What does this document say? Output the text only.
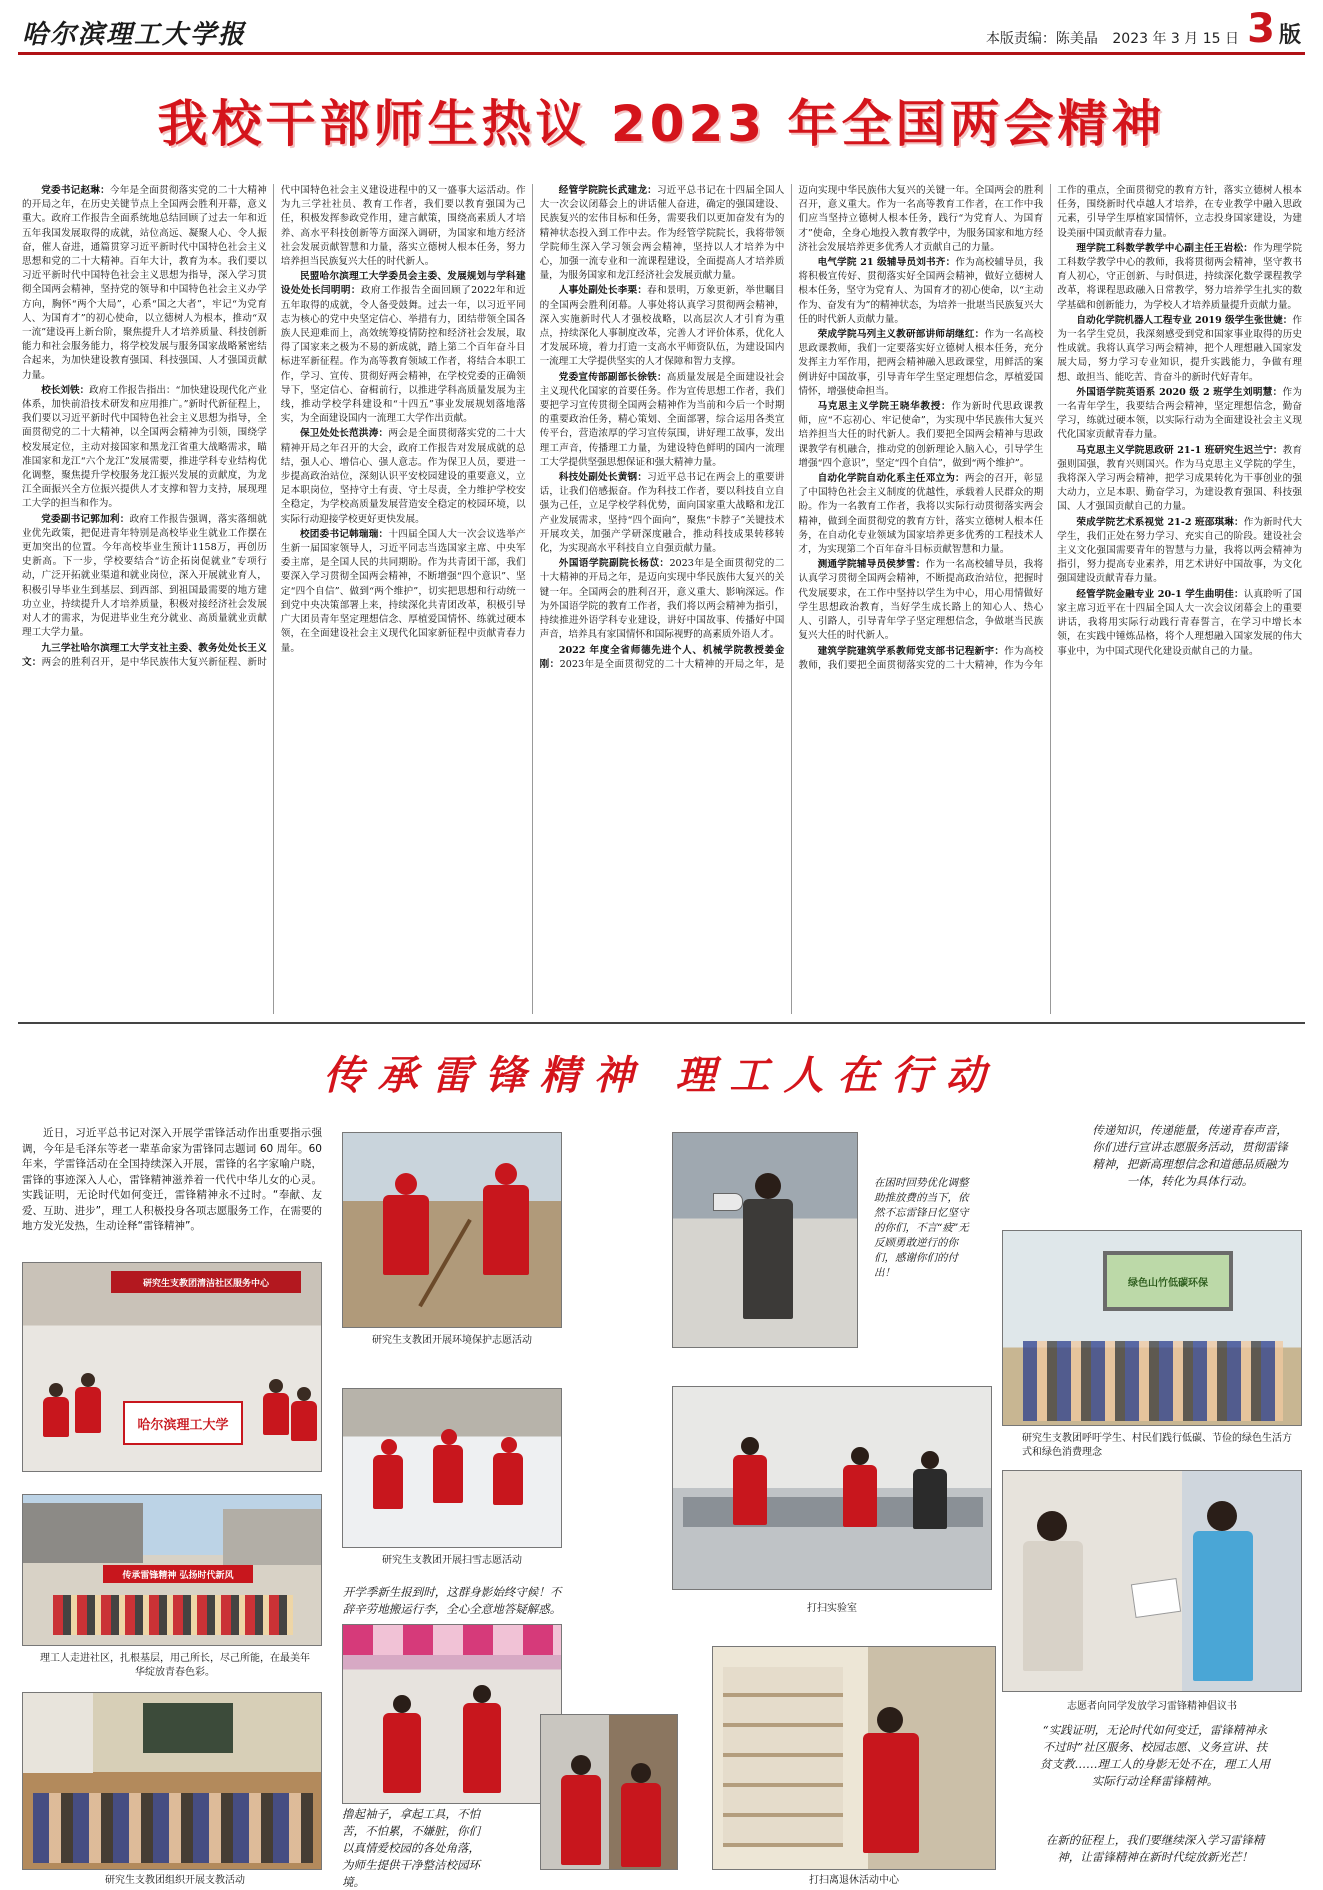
哈尔滨理工大学报	本版责编：陈美晶 2023 年 3 月 15 日 3 版
我校干部师生热议 2023 年全国两会精神

党委书记赵琳：今年是全面贯彻落实党的二十大精神的开局之年，在历史关键节点上全国两会胜利开幕，意义重大。政府工作报告全面系统地总结回顾了过去一年和近五年我国发展取得的成就，站位高远、凝聚人心、令人振奋，催人奋进，通篇贯穿习近平新时代中国特色社会主义思想和党的二十大精神。百年大计，教育为本。我们要以习近平新时代中国特色社会主义思想为指导，深入学习贯彻全国两会精神，坚持党的领导和中国特色社会主义办学方向，胸怀“两个大局”，心系“国之大者”，牢记“为党育人、为国育才”的初心使命，以立德树人为根本，推动“双一流”建设再上新台阶，聚焦提升人才培养质量、科技创新能力和社会服务能力，将学校发展与服务国家战略紧密结合起来，为加快建设教育强国、科技强国、人才强国贡献力量。

校长刘铁：政府工作报告指出：“加快建设现代化产业体系，加快前沿技术研发和应用推广。”新时代新征程上，我们要以习近平新时代中国特色社会主义思想为指导，全面贯彻党的二十大精神，以全国两会精神为引领，围绕学校发展定位，主动对接国家和黑龙江省重大战略需求，瞄准国家和龙江“六个龙江”发展需要，推进学科专业结构优化调整，聚焦提升学校服务龙江振兴发展的贡献度，为龙江全面振兴全方位振兴提供人才支撑和智力支持，展现理工大学的担当和作为。

党委副书记郭加利：政府工作报告强调，落实落细就业优先政策，把促进青年特别是高校毕业生就业工作摆在更加突出的位置。今年高校毕业生预计1158万，再创历史新高。下一步，学校要结合“访企拓岗促就业”专项行动，广泛开拓就业渠道和就业岗位，深入开展就业育人，积极引导毕业生到基层、到西部、到祖国最需要的地方建功立业，持续提升人才培养质量，积极对接经济社会发展对人才的需求，为促进毕业生充分就业、高质量就业贡献理工大学力量。

九三学社哈尔滨理工大学支社主委、教务处处长王义文：两会的胜利召开，是中华民族伟大复兴新征程、新时代中国特色社会主义建设进程中的又一盛事大运活动。作为九三学社社员、教育工作者，我们要以教育强国为己任，积极发挥参政党作用，建言献策，围绕高素质人才培养、高水平科技创新等方面深入调研，为国家和地方经济社会发展贡献智慧和力量，落实立德树人根本任务，努力培养担当民族复兴大任的时代新人。

民盟哈尔滨理工大学委员会主委、发展规划与学科建设处处长闫明明：政府工作报告全面回顾了2022年和近五年取得的成就，令人备受鼓舞。过去一年，以习近平同志为核心的党中央坚定信心、举措有力，团结带领全国各族人民迎难而上，高效统筹疫情防控和经济社会发展，取得了国家来之极为不易的新成就，踏上第二个百年奋斗目标进军新征程。作为高等教育领域工作者，将结合本职工作，学习、宣传、贯彻好两会精神，在学校党委的正确领导下，坚定信心、奋楫前行，以推进学科高质量发展为主线，推动学校学科建设和“十四五”事业发展规划落地落实，为全面建设国内一流理工大学作出贡献。

保卫处处长范洪涛：两会是全面贯彻落实党的二十大精神开局之年召开的大会，政府工作报告对发展成就的总结，强人心、增信心、强人意志。作为保卫人员，要进一步提高政治站位，深刻认识平安校园建设的重要意义，立足本职岗位，坚持守土有责、守土尽责，全力维护学校安全稳定，为学校高质量发展营造安全稳定的校园环境，以实际行动迎接学校更好更快发展。

校团委书记韩瑞瑞：十四届全国人大一次会议选举产生新一届国家领导人，习近平同志当选国家主席、中央军委主席，是全国人民的共同期盼。作为共青团干部，我们要深入学习贯彻全国两会精神，不断增强“四个意识”、坚定“四个自信”、做到“两个维护”，切实把思想和行动统一到党中央决策部署上来，持续深化共青团改革，积极引导广大团员青年坚定理想信念、厚植爱国情怀、练就过硬本领，在全面建设社会主义现代化国家新征程中贡献青春力量。

经管学院院长武建龙：习近平总书记在十四届全国人大一次会议闭幕会上的讲话催人奋进，确定的强国建设、民族复兴的宏伟目标和任务，需要我们以更加奋发有为的精神状态投入到工作中去。作为经管学院院长，我将带领学院师生深入学习领会两会精神，坚持以人才培养为中心，加强一流专业和一流课程建设，全面提高人才培养质量，为服务国家和龙江经济社会发展贡献力量。

人事处副处长李栗：春和景明，万象更新，举世瞩目的全国两会胜利闭幕。人事处将认真学习贯彻两会精神，深入实施新时代人才强校战略，以高层次人才引育为重点，持续深化人事制度改革，完善人才评价体系，优化人才发展环境，着力打造一支高水平师资队伍，为建设国内一流理工大学提供坚实的人才保障和智力支撑。

党委宣传部副部长徐铁：高质量发展是全面建设社会主义现代化国家的首要任务。作为宣传思想工作者，我们要把学习宣传贯彻全国两会精神作为当前和今后一个时期的重要政治任务，精心策划、全面部署，综合运用各类宣传平台，营造浓厚的学习宣传氛围，讲好理工故事，发出理工声音，传播理工力量，为建设特色鲜明的国内一流理工大学提供坚强思想保证和强大精神力量。

科技处副处长黄钢：习近平总书记在两会上的重要讲话，让我们倍感振奋。作为科技工作者，要以科技自立自强为己任，立足学校学科优势，面向国家重大战略和龙江产业发展需求，坚持“四个面向”，聚焦“卡脖子”关键技术开展攻关，加强产学研深度融合，推动科技成果转移转化，为实现高水平科技自立自强贡献力量。

外国语学院副院长杨苡：2023年是全面贯彻党的二十大精神的开局之年，是迈向实现中华民族伟大复兴的关键一年。全国两会的胜利召开，意义重大、影响深远。作为外国语学院的教育工作者，我们将以两会精神为指引，持续推进外语学科专业建设，讲好中国故事、传播好中国声音，培养具有家国情怀和国际视野的高素质外语人才。

2022 年度全省师德先进个人、机械学院教授姜金刚：2023年是全面贯彻党的二十大精神的开局之年，是迈向实现中华民族伟大复兴的关键一年。全国两会的胜利召开，意义重大。作为一名高等教育工作者，在工作中我们应当坚持立德树人根本任务，践行“为党育人、为国育才”使命，全身心地投入教育教学中，为服务国家和地方经济社会发展培养更多优秀人才贡献自己的力量。

电气学院 21 级辅导员刘书齐：作为高校辅导员，我将积极宣传好、贯彻落实好全国两会精神，做好立德树人根本任务，坚守为党育人、为国育才的初心使命，以“主动作为、奋发有为”的精神状态，为培养一批堪当民族复兴大任的时代新人贡献力量。

荣成学院马列主义教研部讲师胡继红：作为一名高校思政课教师，我们一定要落实好立德树人根本任务，充分发挥主力军作用，把两会精神融入思政课堂，用鲜活的案例讲好中国故事，引导青年学生坚定理想信念，厚植爱国情怀，增强使命担当。

马克思主义学院王晓华教授：作为新时代思政课教师，应“不忘初心、牢记使命”，为实现中华民族伟大复兴培养担当大任的时代新人。我们要把全国两会精神与思政课教学有机融合，推动党的创新理论入脑入心，引导学生增强“四个意识”，坚定“四个自信”，做到“两个维护”。

自动化学院自动化系主任邓立为：两会的召开，彰显了中国特色社会主义制度的优越性，承载着人民群众的期盼。作为一名教育工作者，我将以实际行动贯彻落实两会精神，做到全面贯彻党的教育方针，落实立德树人根本任务，在自动化专业领域为国家培养更多优秀的工程技术人才，为实现第二个百年奋斗目标贡献智慧和力量。

测通学院辅导员侯梦雪：作为一名高校辅导员，我将认真学习贯彻全国两会精神，不断提高政治站位，把握时代发展要求，在工作中坚持以学生为中心，用心用情做好学生思想政治教育，当好学生成长路上的知心人、热心人、引路人，引导青年学子坚定理想信念，争做堪当民族复兴大任的时代新人。

建筑学院建筑学系教师党支部书记程新宇：作为高校教师，我们要把全面贯彻落实党的二十大精神，作为今年工作的重点，全面贯彻党的教育方针，落实立德树人根本任务，围绕新时代卓越人才培养，在专业教学中融入思政元素，引导学生厚植家国情怀，立志投身国家建设，为建设美丽中国贡献青春力量。

理学院工科数学教学中心副主任王岩松：作为理学院工科数学教学中心的教师，我将贯彻两会精神，坚守教书育人初心，守正创新、与时俱进，持续深化数学课程教学改革，将课程思政融入日常教学，努力培养学生扎实的数学基础和创新能力，为学校人才培养质量提升贡献力量。

自动化学院机器人工程专业 2019 级学生张世婕：作为一名学生党员，我深刻感受到党和国家事业取得的历史性成就。我将认真学习两会精神，把个人理想融入国家发展大局，努力学习专业知识，提升实践能力，争做有理想、敢担当、能吃苦、肯奋斗的新时代好青年。

外国语学院英语系 2020 级 2 班学生刘明慧：作为一名青年学生，我要结合两会精神，坚定理想信念，勤奋学习，练就过硬本领，以实际行动为全面建设社会主义现代化国家贡献青春力量。

马克思主义学院思政研 21-1 班研究生迟兰宁：教育强则国强，教育兴则国兴。作为马克思主义学院的学生，我将深入学习两会精神，把学习成果转化为干事创业的强大动力，立足本职、勤奋学习，为建设教育强国、科技强国、人才强国贡献自己的力量。

荣成学院艺术系视觉 21-2 班邵琪琳：作为新时代大学生，我们正处在努力学习、充实自己的阶段。建设社会主义文化强国需要青年的智慧与力量，我将以两会精神为指引，努力提高专业素养，用艺术讲好中国故事，为文化强国建设贡献青春力量。

经管学院金融专业 20-1 学生曲明佳：认真聆听了国家主席习近平在十四届全国人大一次会议闭幕会上的重要讲话，我将用实际行动践行青春誓言，在学习中增长本领，在实践中锤炼品格，将个人理想融入国家发展的伟大事业中，为中国式现代化建设贡献自己的力量。

传承雷锋精神 理工人在行动

近日，习近平总书记对深入开展学雷锋活动作出重要指示强调，今年是毛泽东等老一辈革命家为雷锋同志题词 60 周年。60 年来，学雷锋活动在全国持续深入开展，雷锋的名字家喻户晓，雷锋的事迹深入人心，雷锋精神滋养着一代代中华儿女的心灵。实践证明，无论时代如何变迁，雷锋精神永不过时。“奉献、友爱、互助、进步”，理工人积极投身各项志愿服务工作，在需要的地方发光发热，生动诠释“雷锋精神”。

研究生支教团清洁社区服务中心
哈尔滨理工大学
传承雷锋精神 弘扬时代新风
理工人走进社区，扎根基层，用己所长，尽己所能，在最美年华绽放青春色彩。
研究生支教团组织开展支教活动
研究生支教团开展环境保护志愿活动
研究生支教团开展扫雪志愿活动
开学季新生报到时，这群身影始终守候！不辞辛劳地搬运行李，全心全意地答疑解惑。
撸起袖子，拿起工具，不怕苦，不怕累，不嫌脏，你们以真情爱校园的各处角落，为师生提供干净整洁校园环境。
在困时回势优化调整助推放费的当下，依然不忘雷锋日忆坚守的你们，不言“疲”无反顾勇敢逆行的你们，感谢你们的付出！
打扫实验室
打扫离退休活动中心
传递知识，传递能量，传递青春声音，你们进行宣讲志愿服务活动，贯彻雷锋精神，把新高理想信念和道德品质融为一体，转化为具体行动。
绿色山竹低碳环保
研究生支教团呼吁学生、村民们践行低碳、节俭的绿色生活方式和绿色消费理念
志愿者向同学发放学习雷锋精神倡议书
“实践证明，无论时代如何变迁，雷锋精神永不过时”社区服务、校园志愿、义务宣讲、扶贫支教……理工人的身影无处不在，理工人用实际行动诠释雷锋精神。
在新的征程上，我们要继续深入学习雷锋精神，让雷锋精神在新时代绽放新光芒！
